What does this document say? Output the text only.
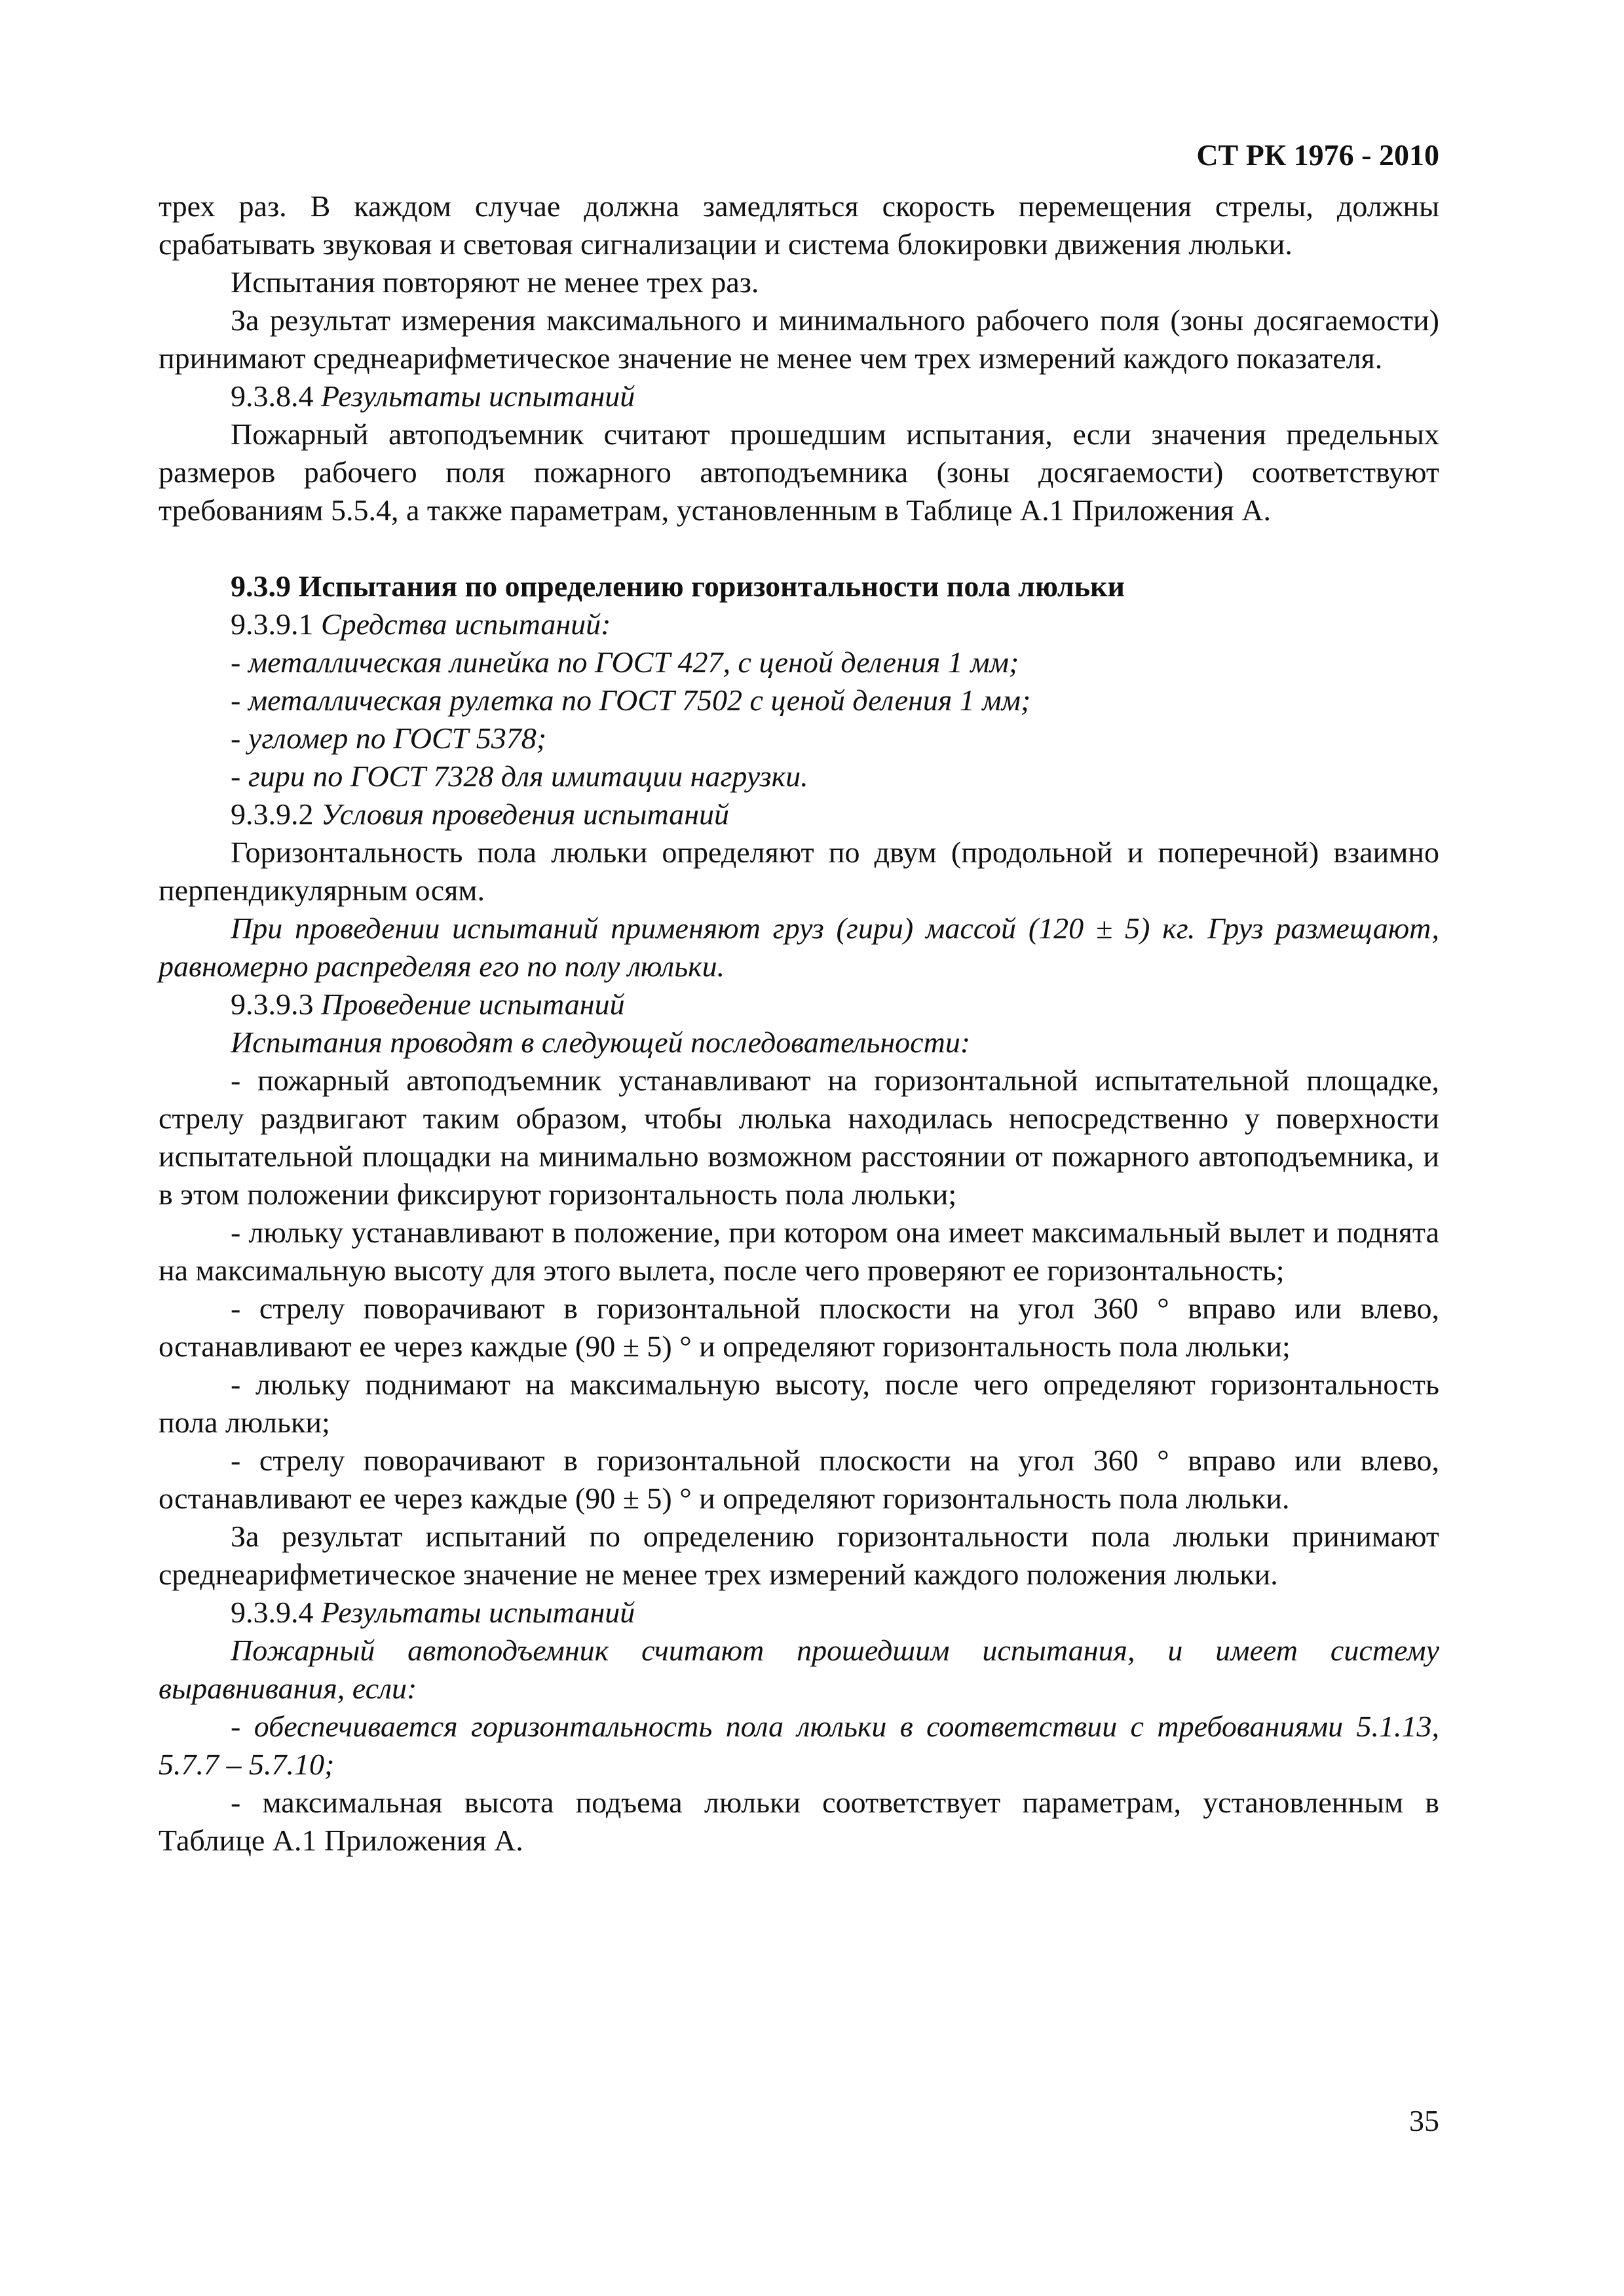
СТ РК 1976 - 2010

трех раз. В каждом случае должна замедляться скорость перемещения стрелы, должны срабатывать звуковая и световая сигнализации и система блокировки движения люльки.

Испытания повторяют не менее трех раз.

За результат измерения максимального и минимального рабочего поля (зоны досягаемости) принимают среднеарифметическое значение не менее чем трех измерений каждого показателя.

9.3.8.4 Результаты испытаний

Пожарный автоподъемник считают прошедшим испытания, если значения предельных размеров рабочего поля пожарного автоподъемника (зоны досягаемости) соответствуют требованиям 5.5.4, а также параметрам, установленным в Таблице А.1 Приложения А.

9.3.9 Испытания по определению горизонтальности пола люльки

9.3.9.1 Средства испытаний:

- металлическая линейка по ГОСТ 427, с ценой деления 1 мм;

- металлическая рулетка по ГОСТ 7502 с ценой деления 1 мм;

- угломер по ГОСТ 5378;

- гири по ГОСТ 7328 для имитации нагрузки.

9.3.9.2 Условия проведения испытаний

Горизонтальность пола люльки определяют по двум (продольной и поперечной) взаимно перпендикулярным осям.

При проведении испытаний применяют груз (гири) массой (120 ± 5) кг. Груз размещают, равномерно распределяя его по полу люльки.

9.3.9.3 Проведение испытаний

Испытания проводят в следующей последовательности:

- пожарный автоподъемник устанавливают на горизонтальной испытательной площадке, стрелу раздвигают таким образом, чтобы люлька находилась непосредственно у поверхности испытательной площадки на минимально возможном расстоянии от пожарного автоподъемника, и в этом положении фиксируют горизонтальность пола люльки;

- люльку устанавливают в положение, при котором она имеет максимальный вылет и поднята на максимальную высоту для этого вылета, после чего проверяют ее горизонтальность;

- стрелу поворачивают в горизонтальной плоскости на угол 360 ° вправо или влево, останавливают ее через каждые (90 ± 5) ° и определяют горизонтальность пола люльки;

- люльку поднимают на максимальную высоту, после чего определяют горизонтальность пола люльки;

- стрелу поворачивают в горизонтальной плоскости на угол 360 ° вправо или влево, останавливают ее через каждые (90 ± 5) ° и определяют горизонтальность пола люльки.

За результат испытаний по определению горизонтальности пола люльки принимают среднеарифметическое значение не менее трех измерений каждого положения люльки.

9.3.9.4 Результаты испытаний

Пожарный автоподъемник считают прошедшим испытания, и имеет систему выравнивания, если:

- обеспечивается горизонтальность пола люльки в соответствии с требованиями 5.1.13, 5.7.7 – 5.7.10;

- максимальная высота подъема люльки соответствует параметрам, установленным в Таблице А.1 Приложения А.

35
